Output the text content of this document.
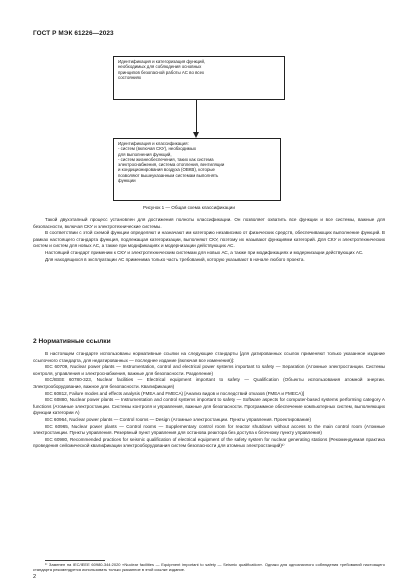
ГОСТ Р МЭК 61226—2023
Идентификация и категоризация функций,
необходимых для соблюдения основных
принципов безопасной работы АС во всех
состояниях
Идентификация и классификация:
- систем (включая СКУ), необходимых
для выполнения функций,
- систем жизнеобеспечения, таких как система
электроснабжения, система отопления, вентиляции
и кондиционирования воздуха (ОВКВ), которые
позволяют вышеуказанным системам выполнять
функции
Рисунок 1 — Общая схема классификации

Такой двухэтапный процесс установлен для достижения полноты классификации. Он позволяет охватить все функции и все системы, важные для безопасности, включая СКУ и электротехнические системы.

В соответствии с этой схемой функции определяют и назначают им категорию независимо от физических средств, обеспечивающих выполнение функций. В рамках настоящего стандарта функция, подлежащая категоризации, выполняют СКУ, поэтому их называют функциями категорий. Для СКУ и электротехнических систем и систем для новых АС, а также при модификациях и модернизации действующих АС.

Настоящий стандарт применим к СКУ и электротехническим системам для новых АС, а также при модификациях и модернизации действующих АС.

Для находящихся в эксплуатации АС применима только часть требований, которую указывают в начале любого проекта.

2 Нормативные ссылки

В настоящем стандарте использованы нормативные ссылки на следующие стандарты [для датированных ссылок применяют только указанное издание ссылочного стандарта, для недатированных — последнее издание (включая все изменения)]:

IEC 60709, Nuclear power plants — Instrumentation, control and electrical power systems important to safety — Separation (Атомные электростанции. Системы контроля, управления и электроснабжения, важные для безопасности. Разделение)

IEC/IEEE 60780-323, Nuclear facilities — Electrical equipment important to safety — Qualification (Объекты использования атомной энергии. Электрооборудование, важное для безопасности. Квалификация)

IEC 60812, Failure modes and effects analysis (FMEA and FMECA) [Анализ видов и последствий отказов (FMEA и FMECA)]

IEC 60880, Nuclear power plants — Instrumentation and control systems important to safety — Software aspects for computer-based systems performing category A functions (Атомные электростанции. Системы контроля и управления, важные для безопасности. Программное обеспечение компьютерных систем, выполняющих функции категории А)

IEC 60964, Nuclear power plants — Control rooms — Design (Атомные электростанции. Пункты управления. Проектирование)

IEC 60965, Nuclear power plants — Control rooms — Supplementary control room for reactor shutdown without access to the main control room (Атомные электростанции. Пункты управления. Резервный пункт управления для останова реактора без доступа к блочному пункту управления)

IEC 60980, Recommended practices for seismic qualification of electrical equipment of the safety system for nuclear generating stations (Рекомендуемая практика проведения сейсмической квалификации электрооборудования систем безопасности для атомных электростанций)¹⁾

¹⁾ Заменен на IEC/IEEE 60980-344:2020 «Nuclear facilities — Equipment important to safety — Seismic qualification». Однако для однозначного соблюдения требований настоящего стандарта рекомендуется использовать только указанное в этой ссылке издание.

2
